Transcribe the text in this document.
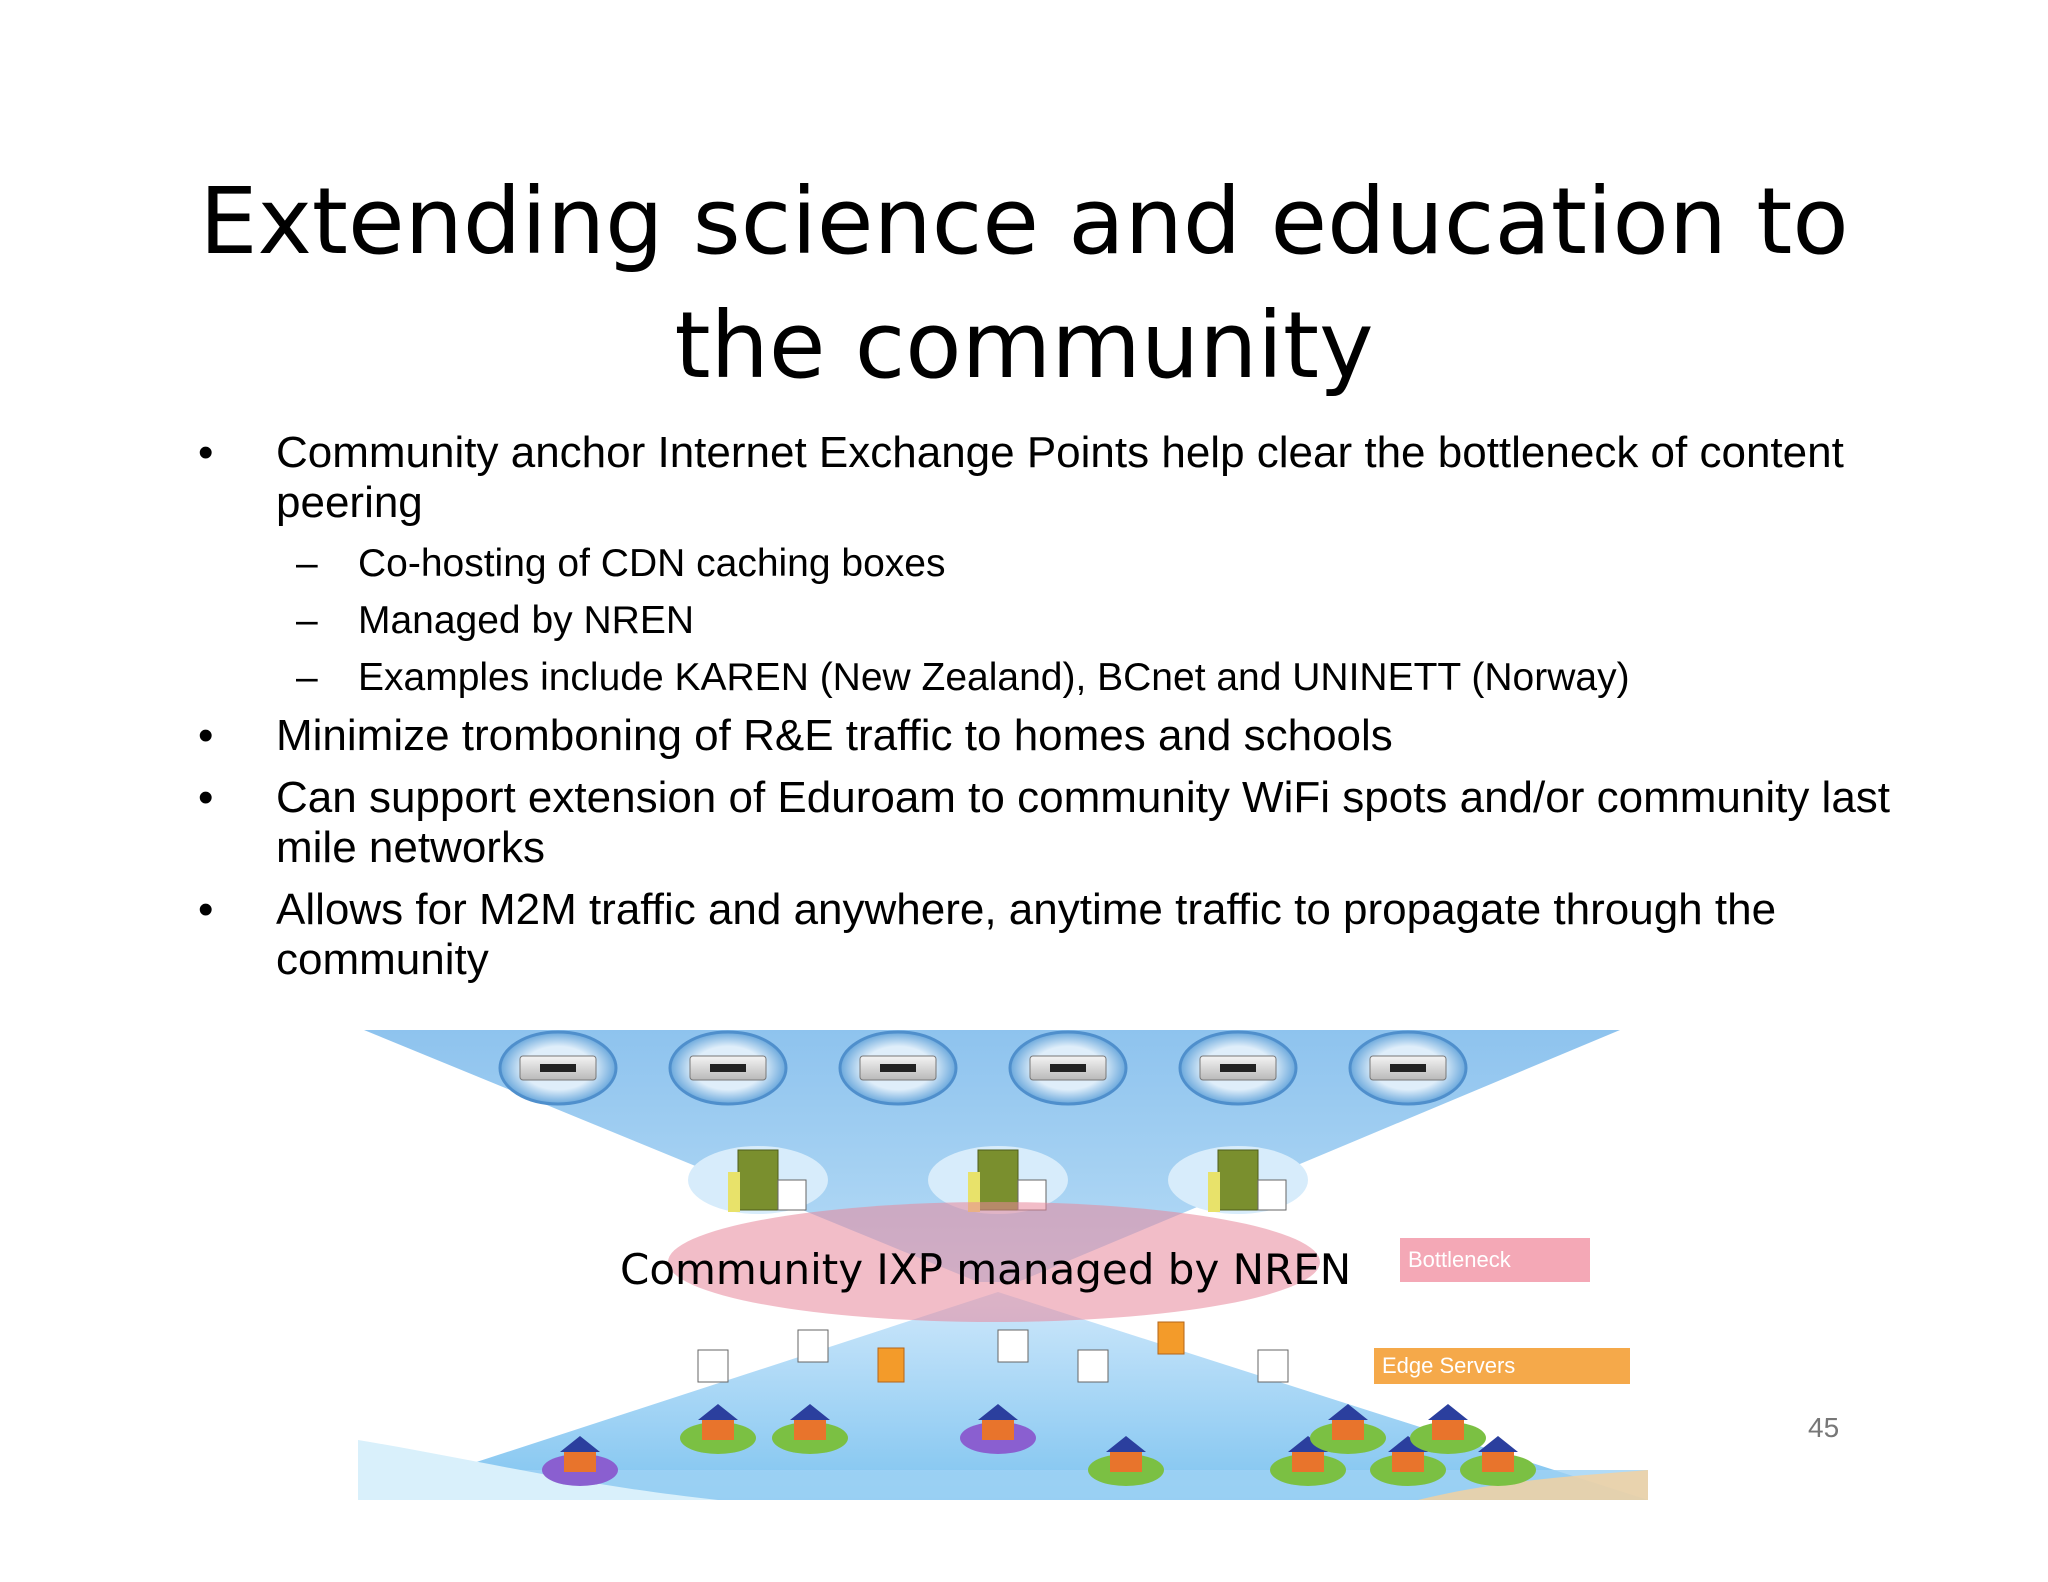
Extending science and education to
the community
• Community anchor Internet Exchange Points help clear the bottleneck of content peering
– Co-hosting of CDN caching boxes
– Managed by NREN
– Examples include KAREN (New Zealand), BCnet and UNINETT (Norway)
• Minimize tromboning of R&E traffic to homes and schools
• Can support extension of Eduroam to community WiFi spots and/or community last mile networks
• Allows for M2M traffic and anywhere, anytime traffic to propagate through the community
Community IXP managed by NREN	Bottleneck
Edge Servers
45
